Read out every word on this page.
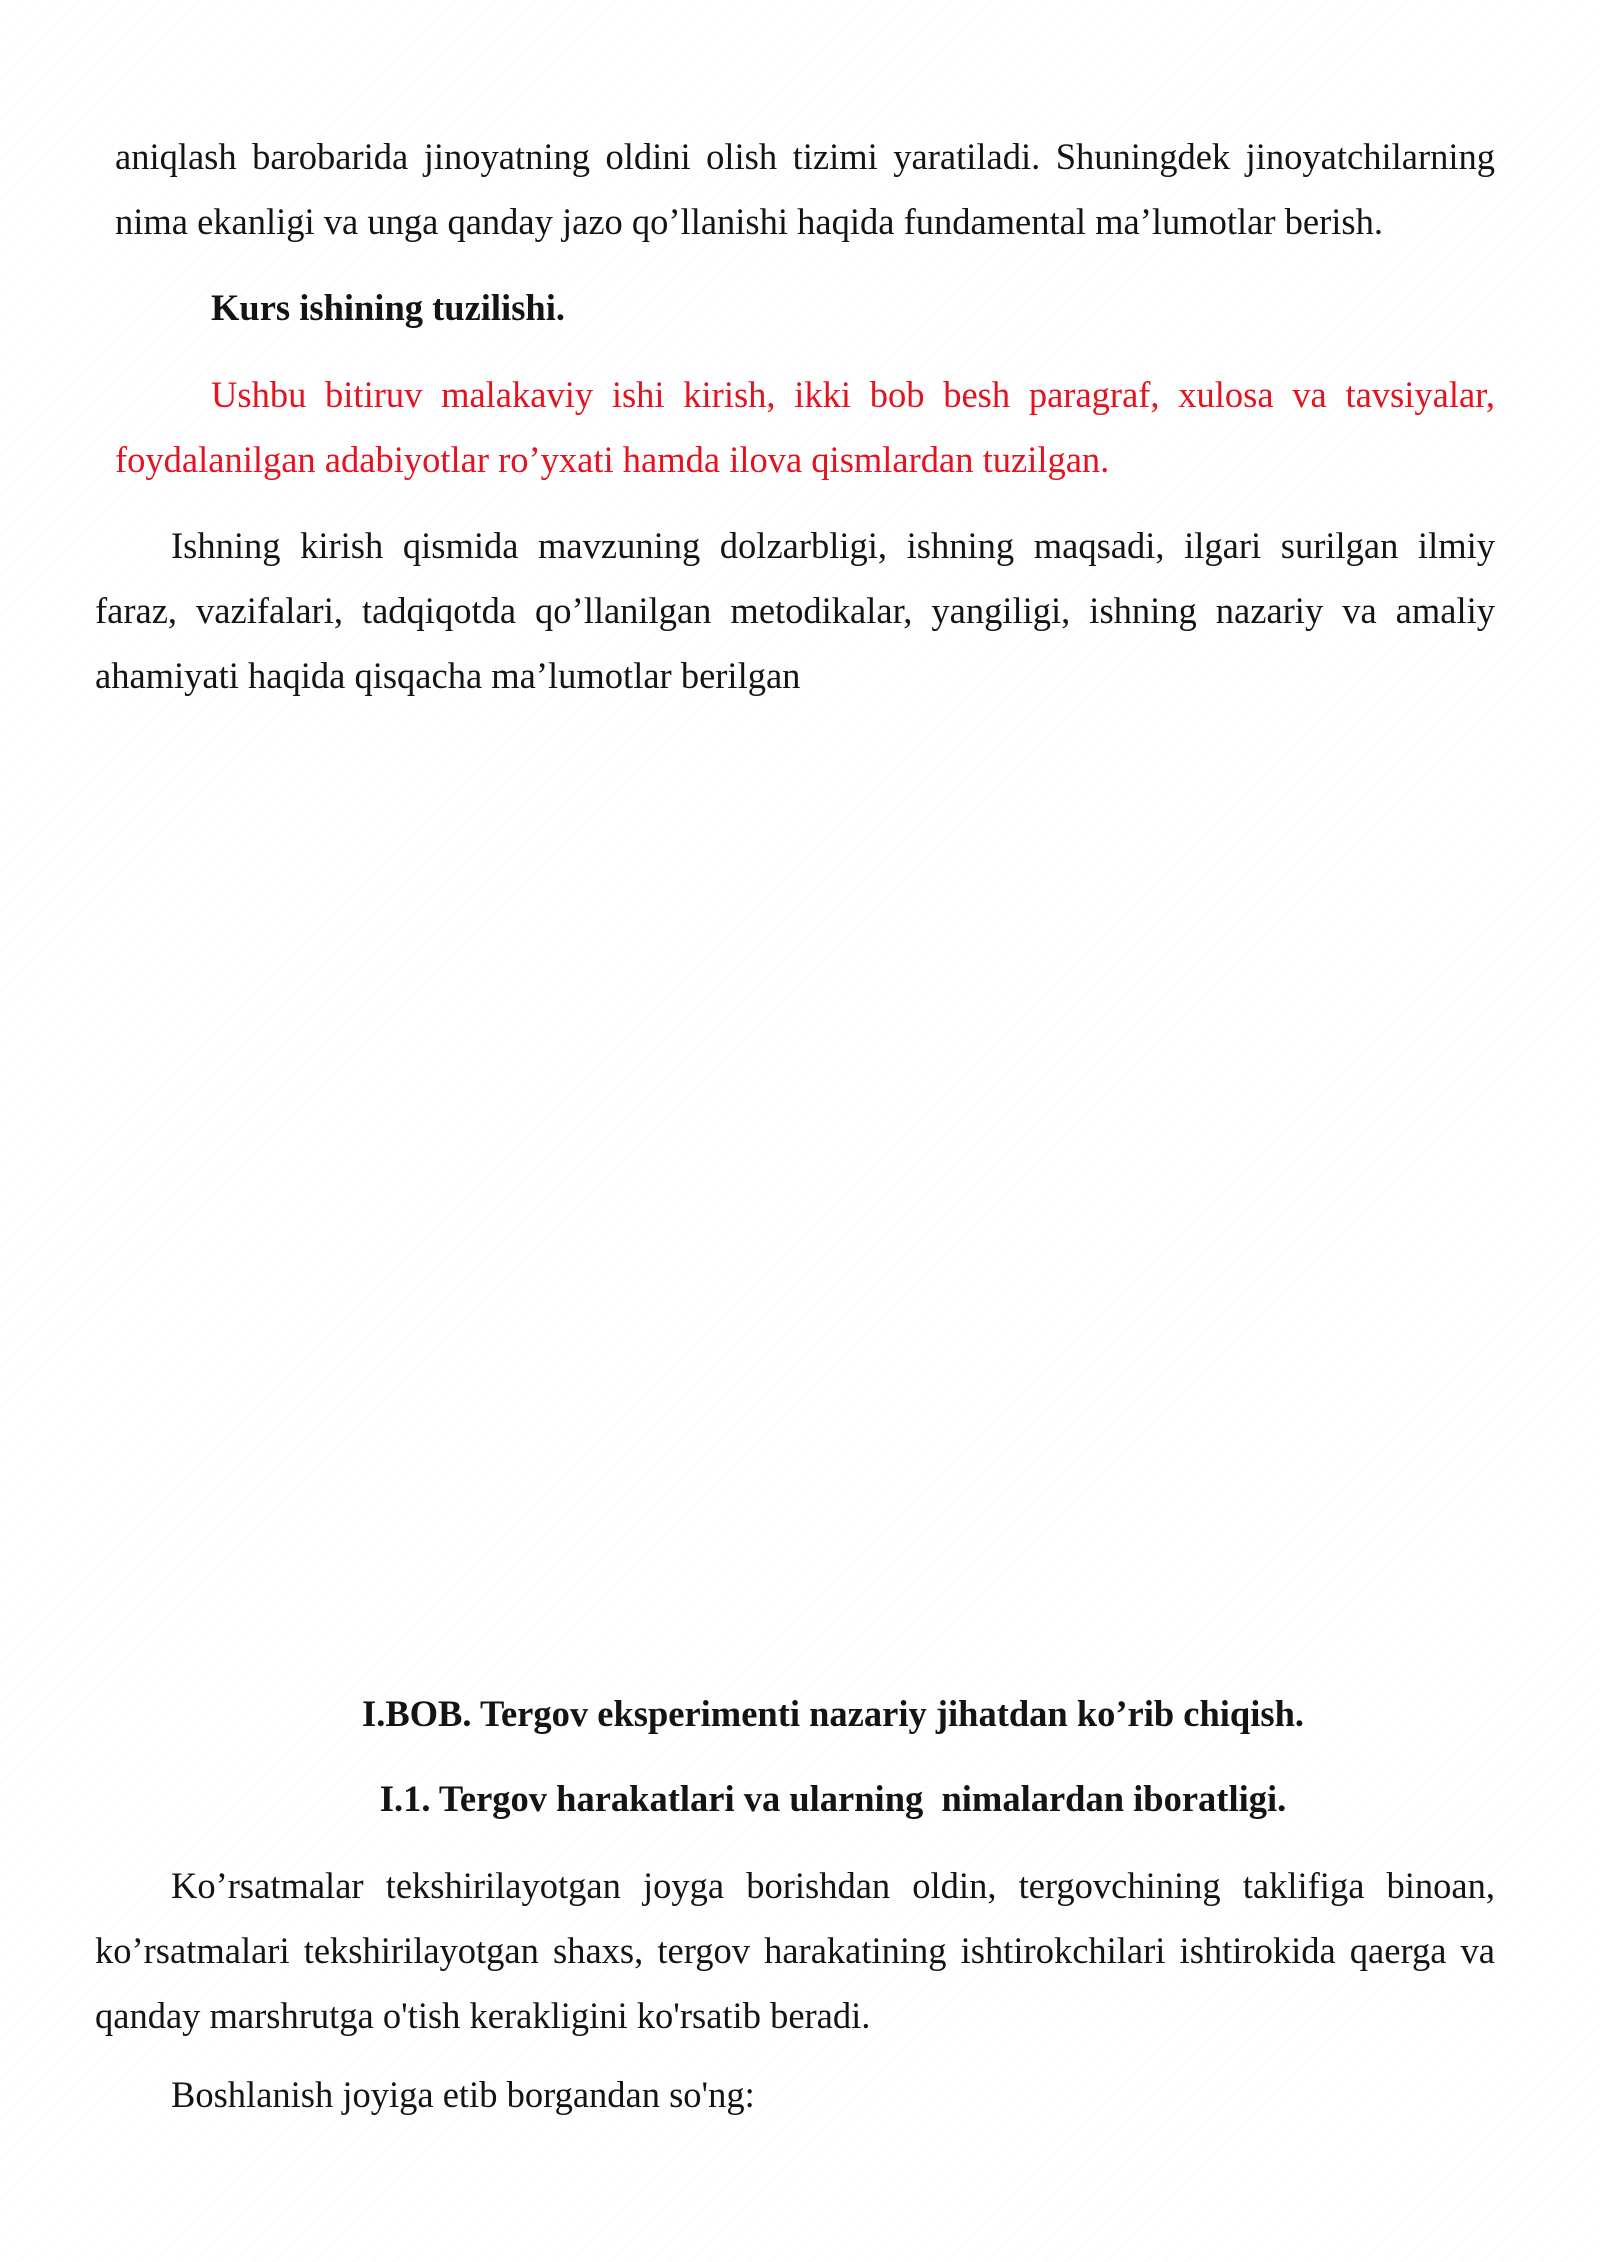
aniqlash barobarida jinoyatning oldini olish tizimi yaratiladi. Shuningdek jinoyatchilarning
nima ekanligi va unga qanday jazo qo’llanishi haqida fundamental ma’lumotlar berish.
Kurs ishining tuzilishi.
Ushbu bitiruv malakaviy ishi kirish, ikki bob besh paragraf, xulosa va tavsiyalar,
foydalanilgan adabiyotlar ro’yxati hamda ilova qismlardan tuzilgan.
Ishning kirish qismida mavzuning dolzarbligi, ishning maqsadi, ilgari surilgan ilmiy
faraz, vazifalari, tadqiqotda qo’llanilgan metodikalar, yangiligi, ishning nazariy va amaliy
ahamiyati haqida qisqacha ma’lumotlar berilgan
I.BOB. Tergov eksperimenti nazariy jihatdan ko’rib chiqish.
I.1. Tergov harakatlari va ularning  nimalardan iboratligi.
Ko’rsatmalar tekshirilayotgan joyga borishdan oldin, tergovchining taklifiga binoan,
ko’rsatmalari tekshirilayotgan shaxs, tergov harakatining ishtirokchilari ishtirokida qaerga va
qanday marshrutga o'tish kerakligini ko'rsatib beradi.
Boshlanish joyiga etib borgandan so'ng:
